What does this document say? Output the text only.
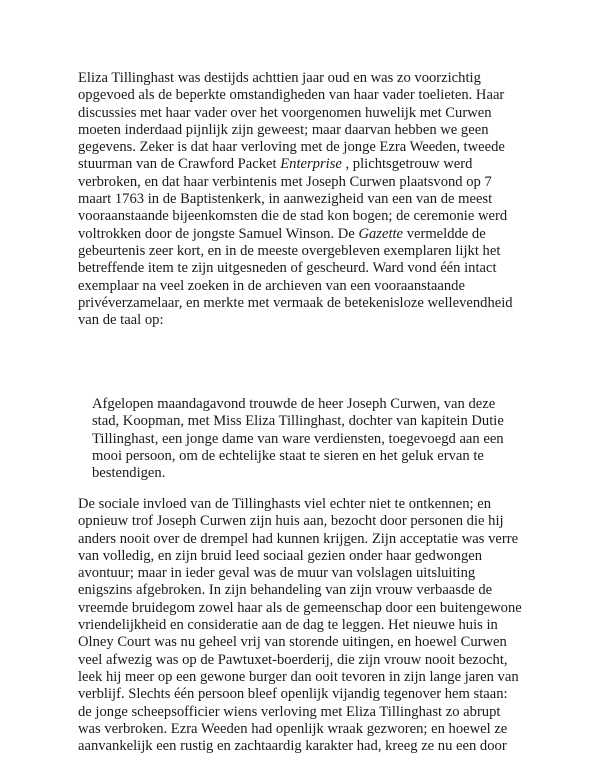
Eliza Tillinghast was destijds achttien jaar oud en was zo voorzichtig
opgevoed als de beperkte omstandigheden van haar vader toelieten. Haar
discussies met haar vader over het voorgenomen huwelijk met Curwen
moeten inderdaad pijnlijk zijn geweest; maar daarvan hebben we geen
gegevens. Zeker is dat haar verloving met de jonge Ezra Weeden, tweede
stuurman van de Crawford Packet Enterprise , plichtsgetrouw werd
verbroken, en dat haar verbintenis met Joseph Curwen plaatsvond op 7
maart 1763 in de Baptistenkerk, in aanwezigheid van een van de meest
vooraanstaande bijeenkomsten die de stad kon bogen; de ceremonie werd
voltrokken door de jongste Samuel Winson. De Gazette vermeldde de
gebeurtenis zeer kort, en in de meeste overgebleven exemplaren lijkt het
betreffende item te zijn uitgesneden of gescheurd. Ward vond één intact
exemplaar na veel zoeken in de archieven van een vooraanstaande
privéverzamelaar, en merkte met vermaak de betekenisloze wellevendheid
van de taal op:

Afgelopen maandagavond trouwde de heer Joseph Curwen, van deze
stad, Koopman, met Miss Eliza Tillinghast, dochter van kapitein Dutie
Tillinghast, een jonge dame van ware verdiensten, toegevoegd aan een
mooi persoon, om de echtelijke staat te sieren en het geluk ervan te
bestendigen.

De sociale invloed van de Tillinghasts viel echter niet te ontkennen; en
opnieuw trof Joseph Curwen zijn huis aan, bezocht door personen die hij
anders nooit over de drempel had kunnen krijgen. Zijn acceptatie was verre
van volledig, en zijn bruid leed sociaal gezien onder haar gedwongen
avontuur; maar in ieder geval was de muur van volslagen uitsluiting
enigszins afgebroken. In zijn behandeling van zijn vrouw verbaasde de
vreemde bruidegom zowel haar als de gemeenschap door een buitengewone
vriendelijkheid en consideratie aan de dag te leggen. Het nieuwe huis in
Olney Court was nu geheel vrij van storende uitingen, en hoewel Curwen
veel afwezig was op de Pawtuxet-boerderij, die zijn vrouw nooit bezocht,
leek hij meer op een gewone burger dan ooit tevoren in zijn lange jaren van
verblijf. Slechts één persoon bleef openlijk vijandig tegenover hem staan:
de jonge scheepsofficier wiens verloving met Eliza Tillinghast zo abrupt
was verbroken. Ezra Weeden had openlijk wraak gezworen; en hoewel ze
aanvankelijk een rustig en zachtaardig karakter had, kreeg ze nu een door
